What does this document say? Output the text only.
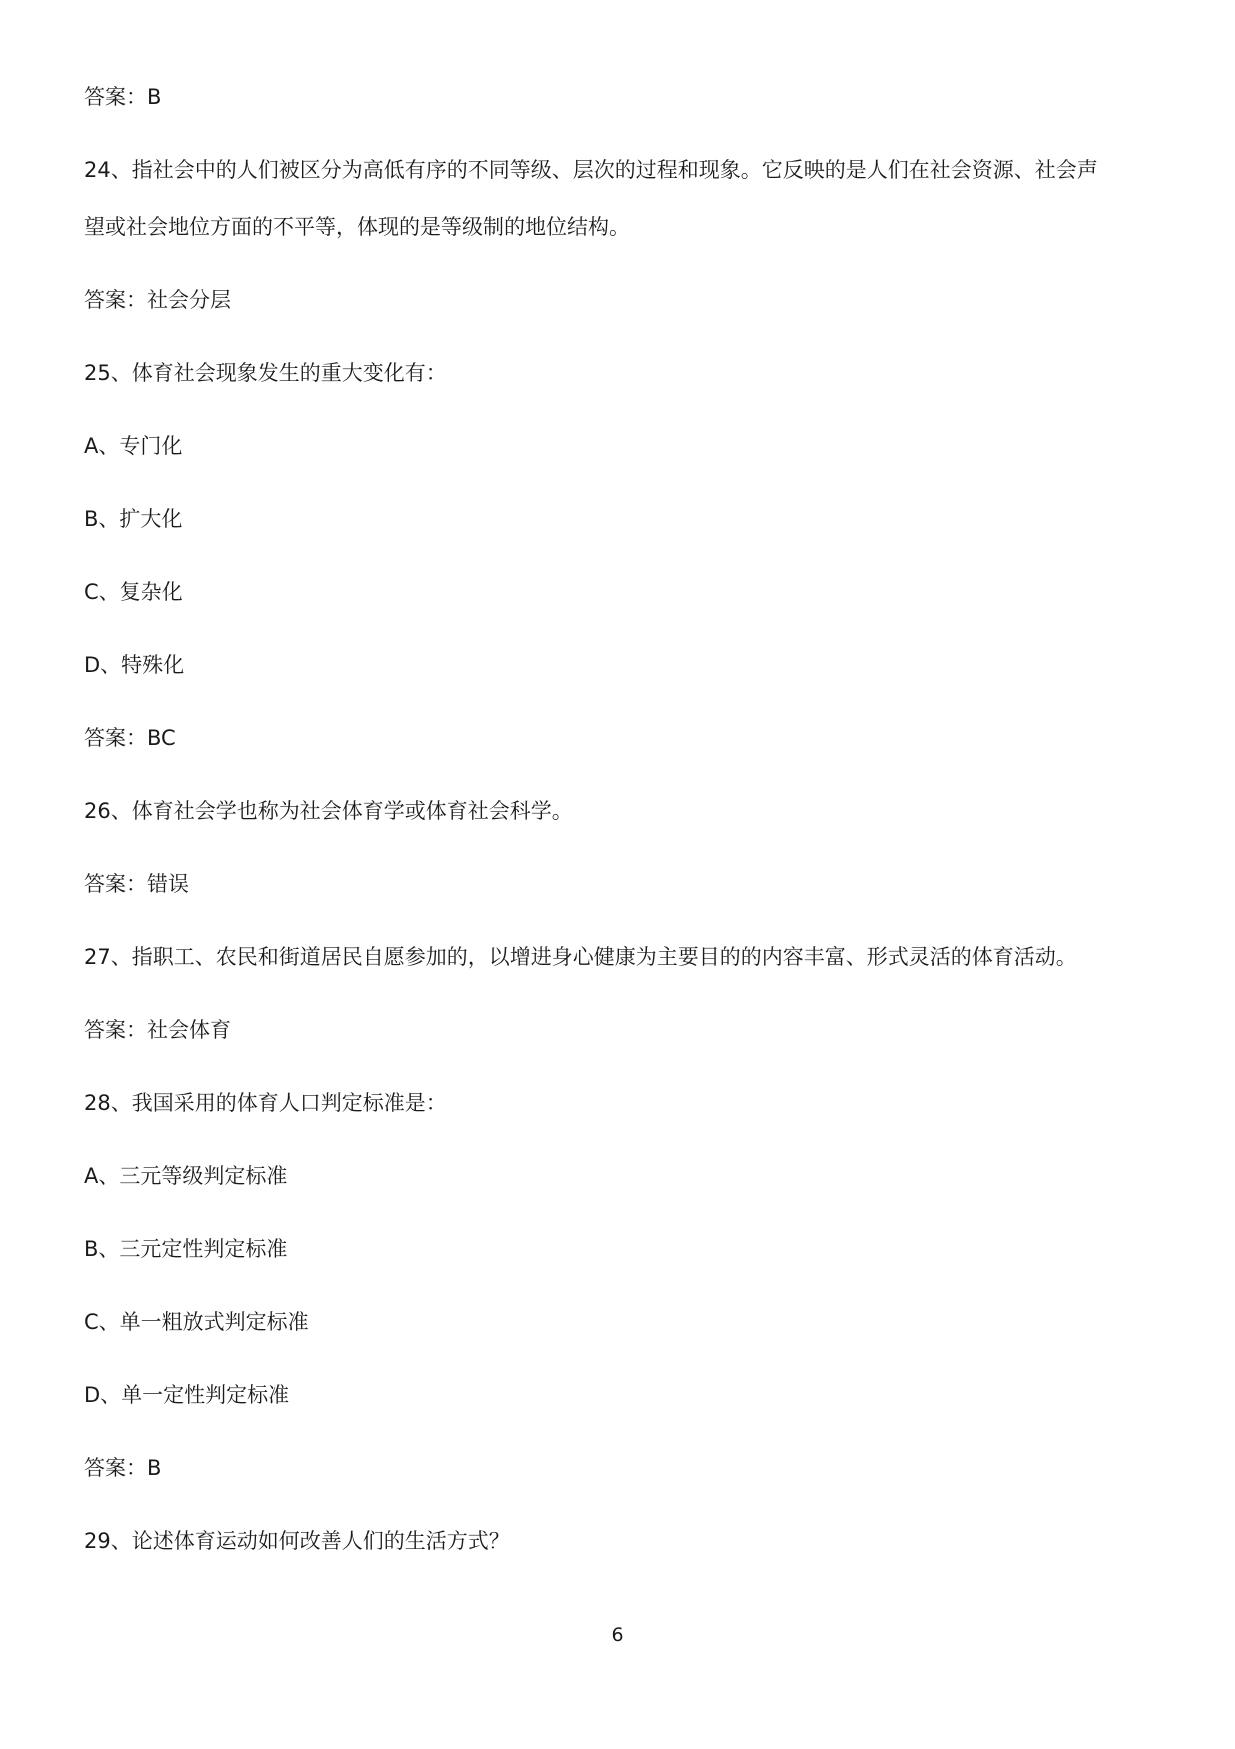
答案：B
24、指社会中的人们被区分为高低有序的不同等级、层次的过程和现象。它反映的是人们在社会资源、社会声
望或社会地位方面的不平等，体现的是等级制的地位结构。
答案：社会分层
25、体育社会现象发生的重大变化有：
A、专门化
B、扩大化
C、复杂化
D、特殊化
答案：BC
26、体育社会学也称为社会体育学或体育社会科学。
答案：错误
27、指职工、农民和街道居民自愿参加的，以增进身心健康为主要目的的内容丰富、形式灵活的体育活动。
答案：社会体育
28、我国采用的体育人口判定标准是：
A、三元等级判定标准
B、三元定性判定标准
C、单一粗放式判定标准
D、单一定性判定标准
答案：B
29、论述体育运动如何改善人们的生活方式？
6
